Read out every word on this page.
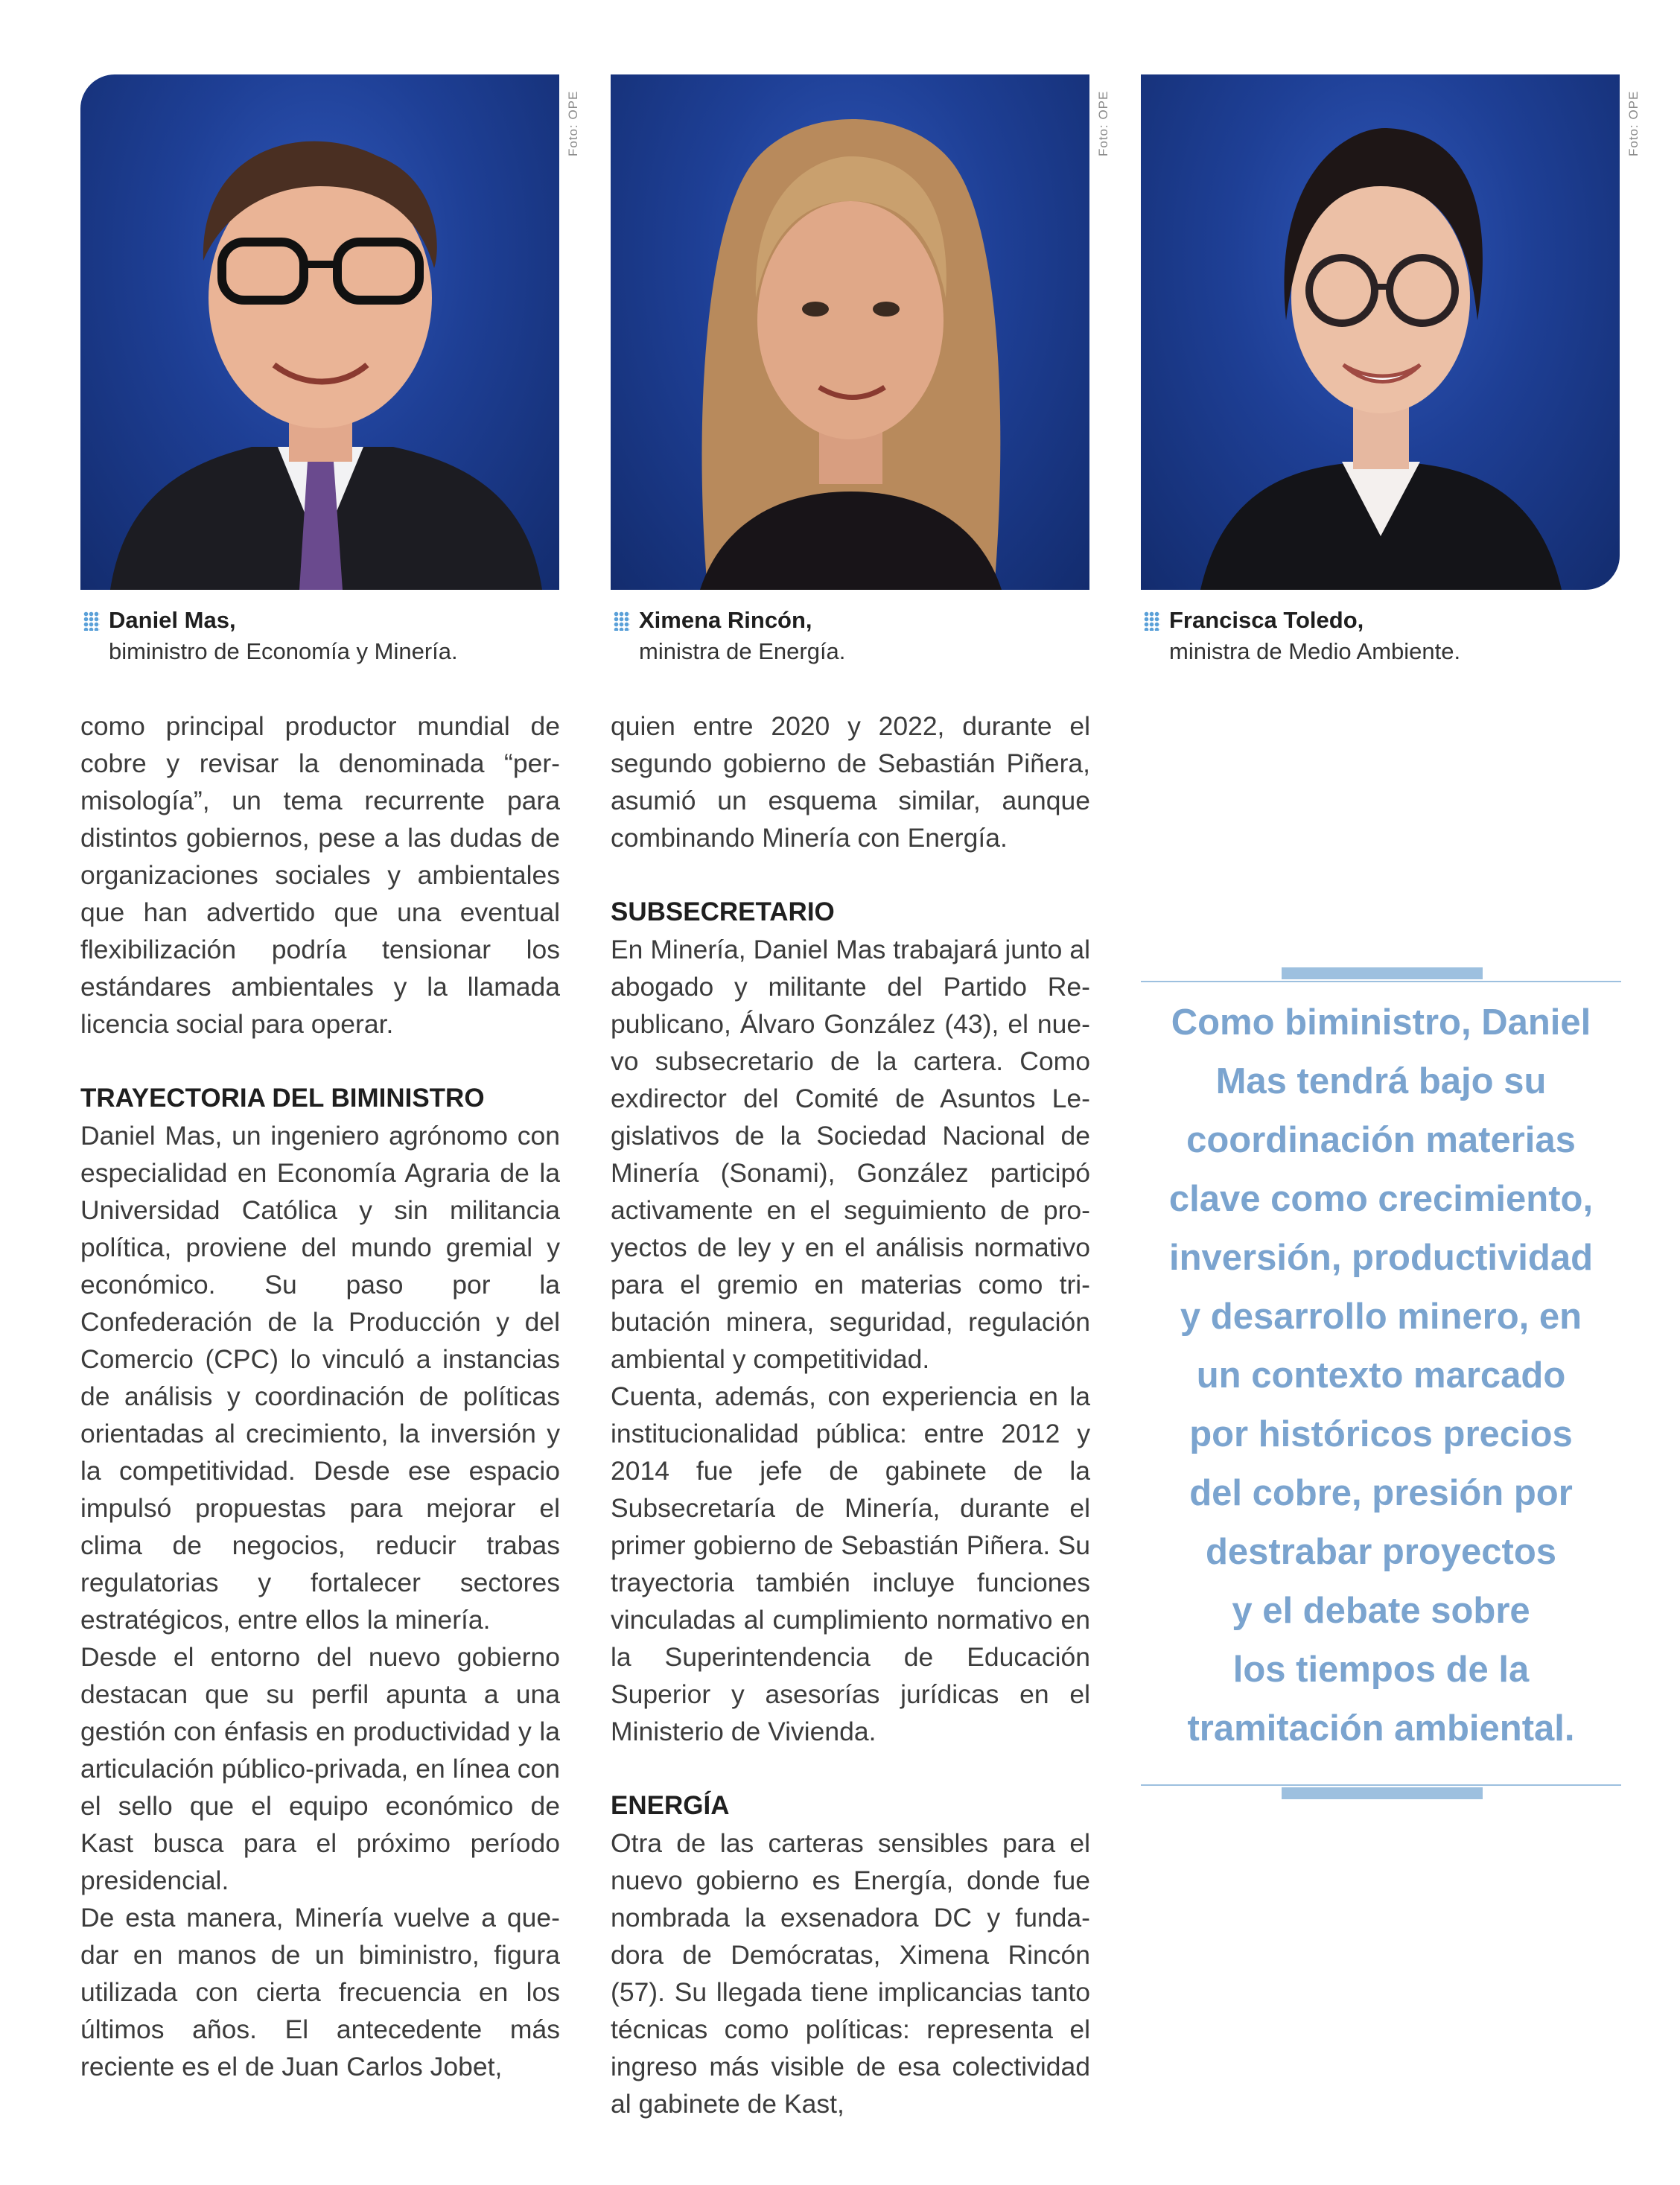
Foto: OPE	Foto: OPE	Foto: OPE
Daniel Mas,
biministro de Economía y Minería.
Ximena Rincón,
ministra de Energía.
Francisca Toledo,
ministra de Medio Ambiente.

como principal productor mundial de cobre y revisar la denominada “permisología”, un tema recurrente para distintos gobiernos, pese a las dudas de organizaciones sociales y ambientales que han advertido que una eventual flexibilización podría tensionar los estándares ambientales y la llamada licencia social para operar.

TRAYECTORIA DEL BIMINISTRO

Daniel Mas, un ingeniero agrónomo con especialidad en Economía Agraria de la Universidad Católica y sin militancia política, proviene del mundo gremial y económico. Su paso por la Confederación de la Producción y del Comercio (CPC) lo vinculó a instancias de análisis y coordinación de políticas orientadas al crecimiento, la inversión y la competitividad. Desde ese espacio impulsó propuestas para mejorar el clima de negocios, reducir trabas regulatorias y fortalecer sectores estratégicos, entre ellos la minería.

Desde el entorno del nuevo gobierno destacan que su perfil apunta a una gestión con énfasis en productividad y la articulación público-privada, en línea con el sello que el equipo económico de Kast busca para el próximo período presidencial.

De esta manera, Minería vuelve a quedar en manos de un biministro, figura utilizada con cierta frecuencia en los últimos años. El antecedente más reciente es el de Juan Carlos Jobet,

quien entre 2020 y 2022, durante el segundo gobierno de Sebastián Piñera, asumió un esquema similar, aunque combinando Minería con Energía.

SUBSECRETARIO

En Minería, Daniel Mas trabajará junto al abogado y militante del Partido Republicano, Álvaro González (43), el nuevo subsecretario de la cartera. Como exdirector del Comité de Asuntos Legislativos de la Sociedad Nacional de Minería (Sonami), González participó activamente en el seguimiento de proyectos de ley y en el análisis normativo para el gremio en materias como tributación minera, seguridad, regulación ambiental y competitividad.

Cuenta, además, con experiencia en la institucionalidad pública: entre 2012 y 2014 fue jefe de gabinete de la Subsecretaría de Minería, durante el primer gobierno de Sebastián Piñera. Su trayectoria también incluye funciones vinculadas al cumplimiento normativo en la Superintendencia de Educación Superior y asesorías jurídicas en el Ministerio de Vivienda.

ENERGÍA

Otra de las carteras sensibles para el nuevo gobierno es Energía, donde fue nombrada la exsenadora DC y fundadora de Demócratas, Ximena Rincón (57). Su llegada tiene implicancias tanto técnicas como políticas: representa el ingreso más visible de esa colectividad al gabinete de Kast,

Como biministro, Daniel
Mas tendrá bajo su
coordinación materias
clave como crecimiento,
inversión, productividad
y desarrollo minero, en
un contexto marcado
por históricos precios
del cobre, presión por
destrabar proyectos
y el debate sobre
los tiempos de la
tramitación ambiental.
